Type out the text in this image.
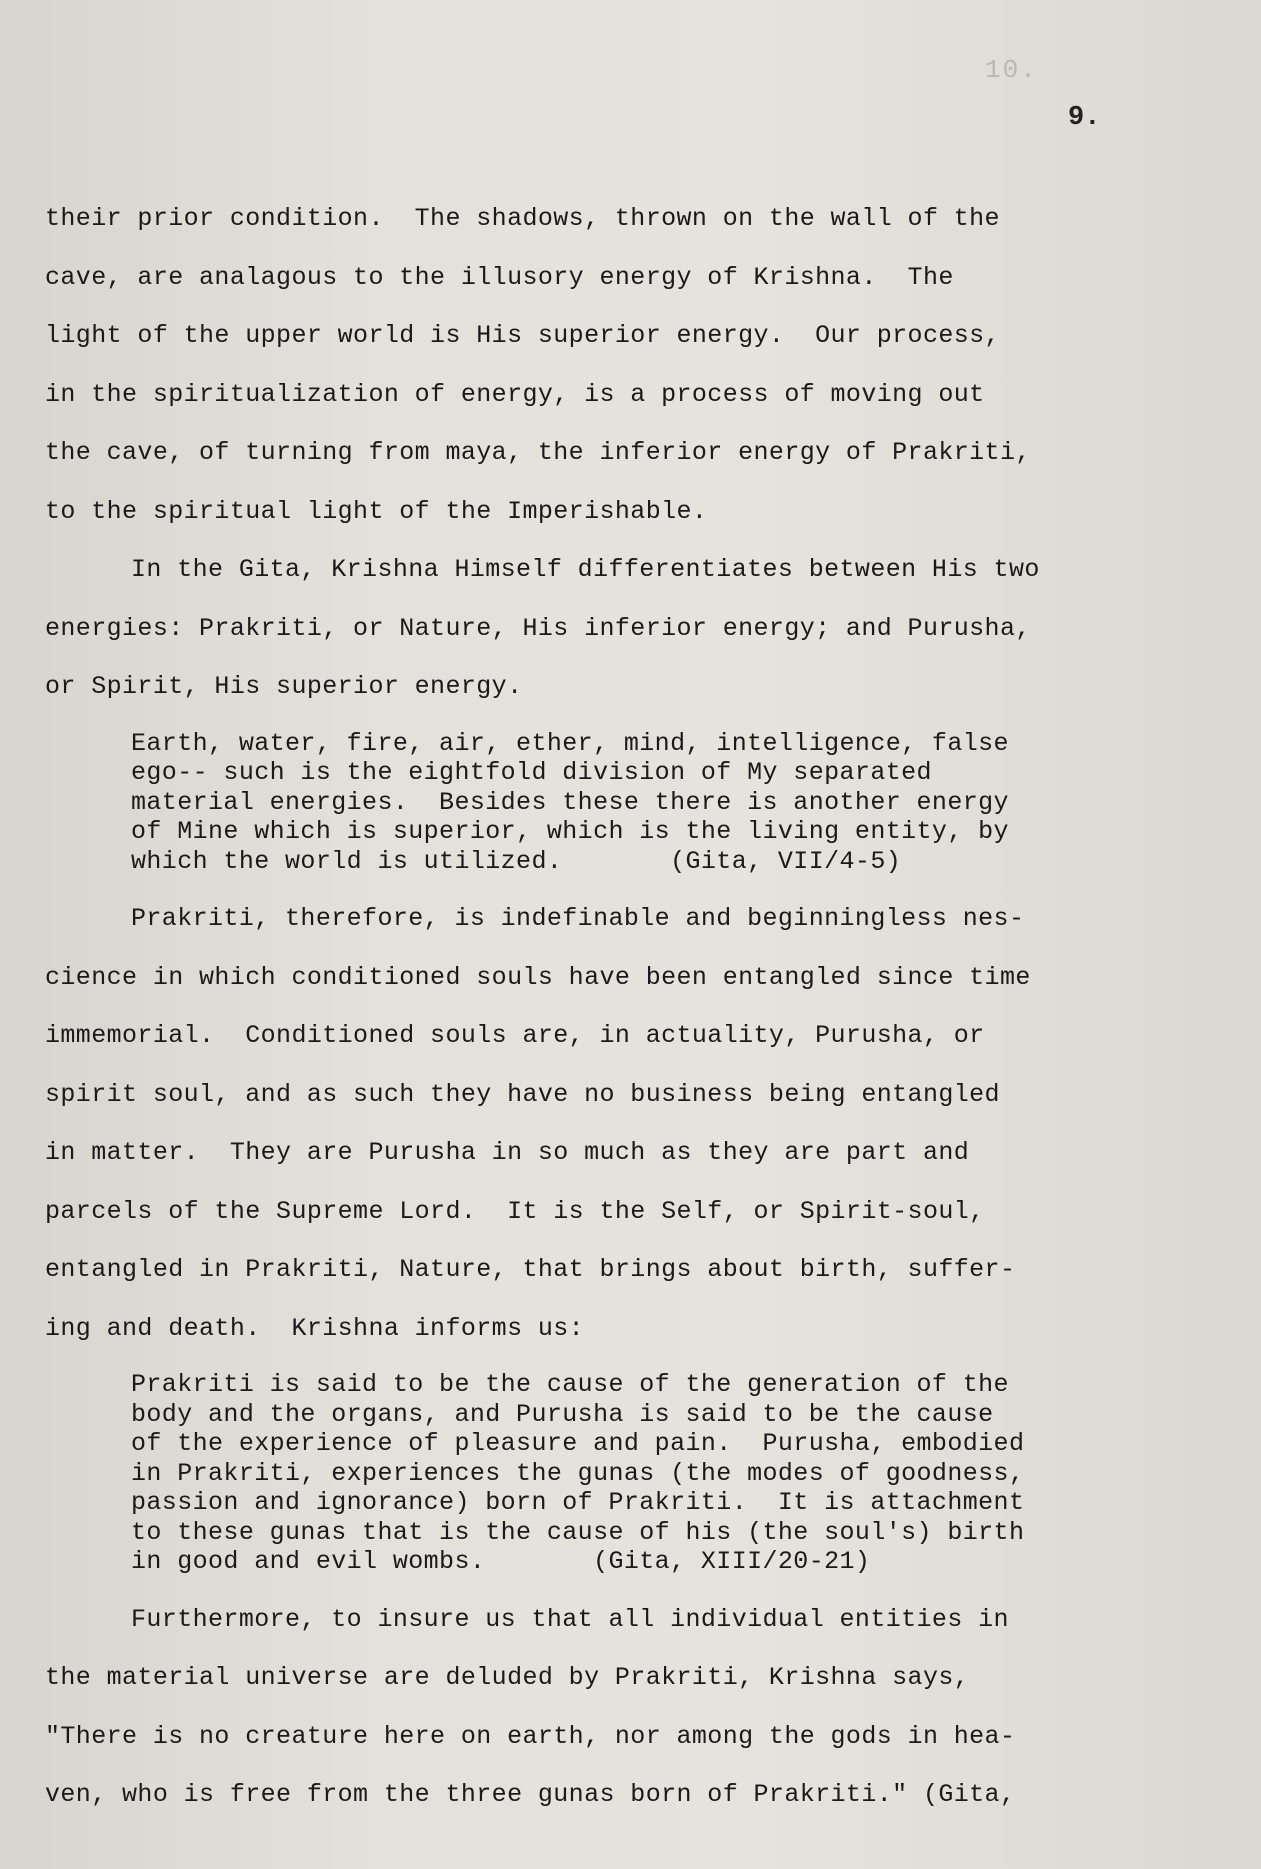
10.
9.
their prior condition.  The shadows, thrown on the wall of the
cave, are analagous to the illusory energy of Krishna.  The
light of the upper world is His superior energy.  Our process,
in the spiritualization of energy, is a process of moving out
the cave, of turning from maya, the inferior energy of Prakriti,
to the spiritual light of the Imperishable.
In the Gita, Krishna Himself differentiates between His two
energies: Prakriti, or Nature, His inferior energy; and Purusha,
or Spirit, His superior energy.
Earth, water, fire, air, ether, mind, intelligence, false
ego-- such is the eightfold division of My separated
material energies.  Besides these there is another energy
of Mine which is superior, which is the living entity, by
which the world is utilized.       (Gita, VII/4-5)
Prakriti, therefore, is indefinable and beginningless nes-
cience in which conditioned souls have been entangled since time
immemorial.  Conditioned souls are, in actuality, Purusha, or
spirit soul, and as such they have no business being entangled
in matter.  They are Purusha in so much as they are part and
parcels of the Supreme Lord.  It is the Self, or Spirit-soul,
entangled in Prakriti, Nature, that brings about birth, suffer-
ing and death.  Krishna informs us:
Prakriti is said to be the cause of the generation of the
body and the organs, and Purusha is said to be the cause
of the experience of pleasure and pain.  Purusha, embodied
in Prakriti, experiences the gunas (the modes of goodness,
passion and ignorance) born of Prakriti.  It is attachment
to these gunas that is the cause of his (the soul's) birth
in good and evil wombs.       (Gita, XIII/20-21)
Furthermore, to insure us that all individual entities in
the material universe are deluded by Prakriti, Krishna says,
"There is no creature here on earth, nor among the gods in hea-
ven, who is free from the three gunas born of Prakriti." (Gita,
